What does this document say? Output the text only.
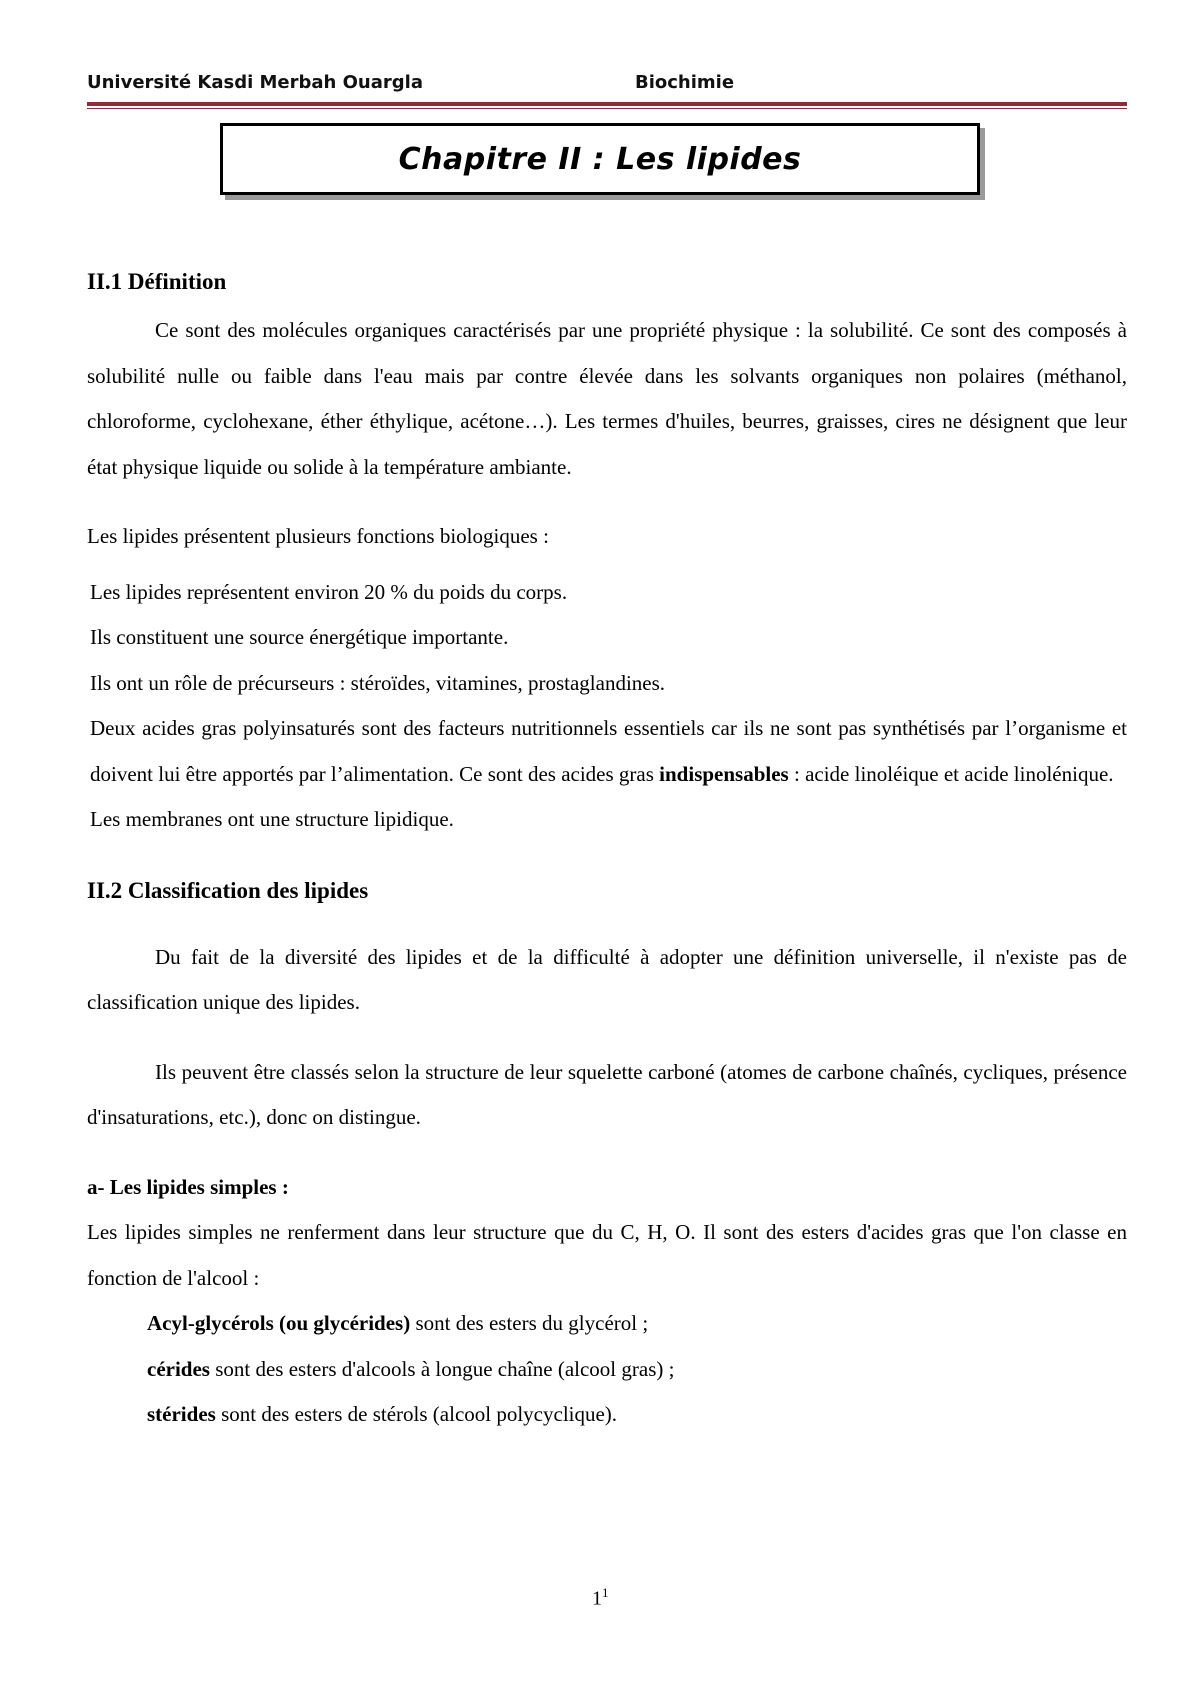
Université Kasdi Merbah Ouargla	Biochimie
Chapitre II : Les lipides
II.1 Définition

Ce sont des molécules organiques caractérisés par une propriété physique : la solubilité. Ce sont des composés à solubilité nulle ou faible dans l'eau mais par contre élevée dans les solvants organiques non polaires (méthanol, chloroforme, cyclohexane, éther éthylique, acétone…). Les termes d'huiles, beurres, graisses, cires ne désignent que leur état physique liquide ou solide à la température ambiante.

Les lipides présentent plusieurs fonctions biologiques :

Les lipides représentent environ 20 % du poids du corps.

Ils constituent une source énergétique importante.

Ils ont un rôle de précurseurs : stéroïdes, vitamines, prostaglandines.

Deux acides gras polyinsaturés sont des facteurs nutritionnels essentiels car ils ne sont pas synthétisés par l’organisme et doivent lui être apportés par l’alimentation. Ce sont des acides gras indispensables : acide linoléique et acide linolénique.

Les membranes ont une structure lipidique.

II.2 Classification des lipides

Du fait de la diversité des lipides et de la difficulté à adopter une définition universelle, il n'existe pas de classification unique des lipides.

Ils peuvent être classés selon la structure de leur squelette carboné (atomes de carbone chaînés, cycliques, présence d'insaturations, etc.), donc on distingue.

a- Les lipides simples :

Les lipides simples ne renferment dans leur structure que du C, H, O. Il sont des esters d'acides gras que l'on classe en fonction de l'alcool :

Acyl-glycérols (ou glycérides) sont des esters du glycérol ;

cérides sont des esters d'alcools à longue chaîne (alcool gras) ;

stérides sont des esters de stérols (alcool polycyclique).

$1^1$
